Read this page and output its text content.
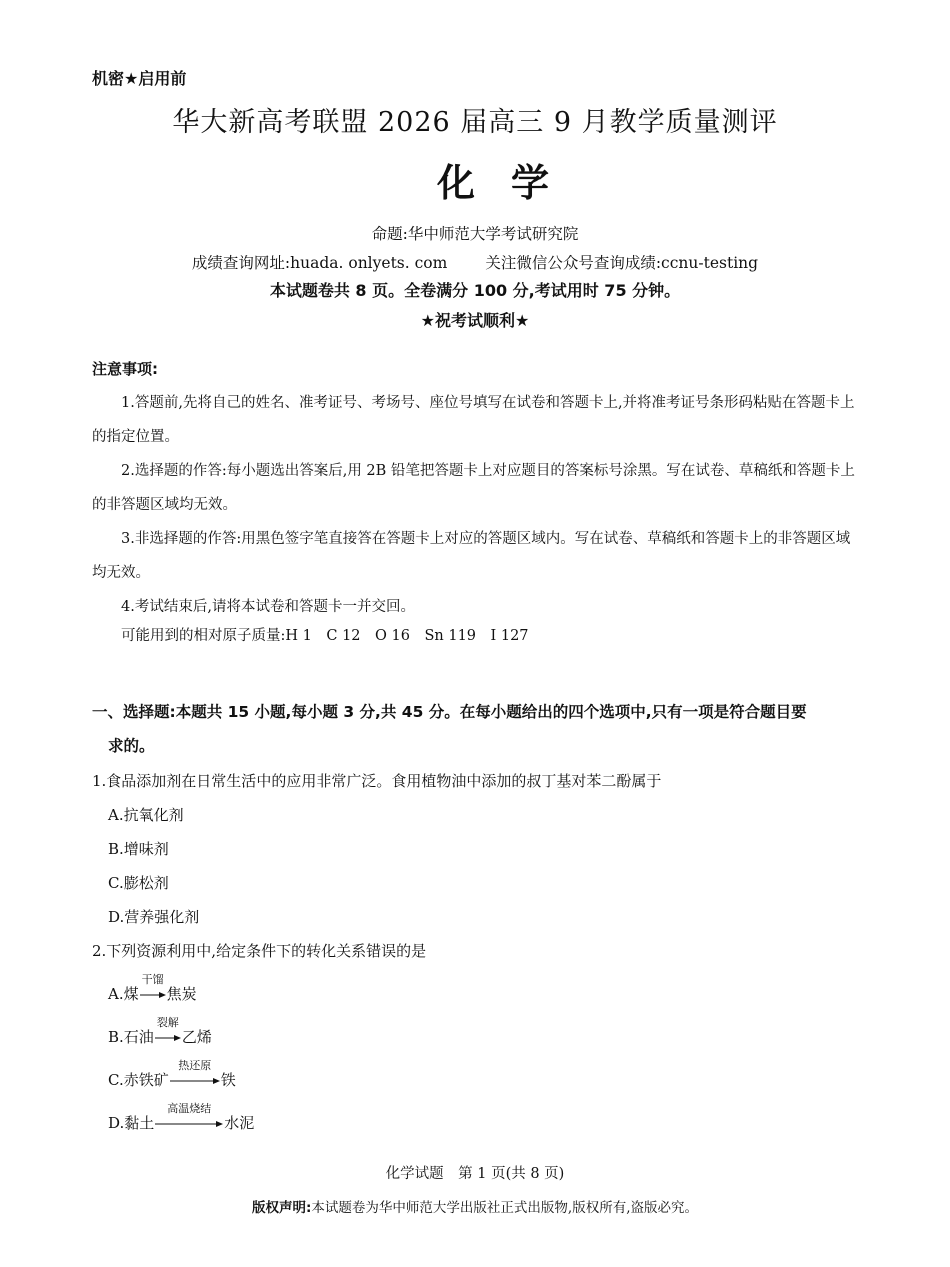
机密★启用前
华大新高考联盟 2026 届高三 9 月教学质量测评
化学
命题:华中师范大学考试研究院
成绩查询网址:huada. onlyets. com 关注微信公众号查询成绩:ccnu-testing
本试题卷共 8 页。全卷满分 100 分,考试用时 75 分钟。
★祝考试顺利★
注意事项:
1.答题前,先将自己的姓名、准考证号、考场号、座位号填写在试卷和答题卡上,并将准考证号条形码粘贴在答题卡上的指定位置。
2.选择题的作答:每小题选出答案后,用 2B 铅笔把答题卡上对应题目的答案标号涂黑。写在试卷、草稿纸和答题卡上的非答题区域均无效。
3.非选择题的作答:用黑色签字笔直接答在答题卡上对应的答题区域内。写在试卷、草稿纸和答题卡上的非答题区域均无效。
4.考试结束后,请将本试卷和答题卡一并交回。
可能用到的相对原子质量:H 1　C 12　O 16　Sn 119　I 127
一、选择题:本题共 15 小题,每小题 3 分,共 45 分。在每小题给出的四个选项中,只有一项是符合题目要
求的。
1.食品添加剂在日常生活中的应用非常广泛。食用植物油中添加的叔丁基对苯二酚属于
A.抗氧化剂
B.增味剂
C.膨松剂
D.营养强化剂
2.下列资源利用中,给定条件下的转化关系错误的是
A.煤
干馏
焦炭
B.石油
裂解
乙烯
C.赤铁矿
热还原
铁
D.黏土
高温烧结
水泥
化学试题　第 1 页(共 8 页)
版权声明:本试题卷为华中师范大学出版社正式出版物,版权所有,盗版必究。
